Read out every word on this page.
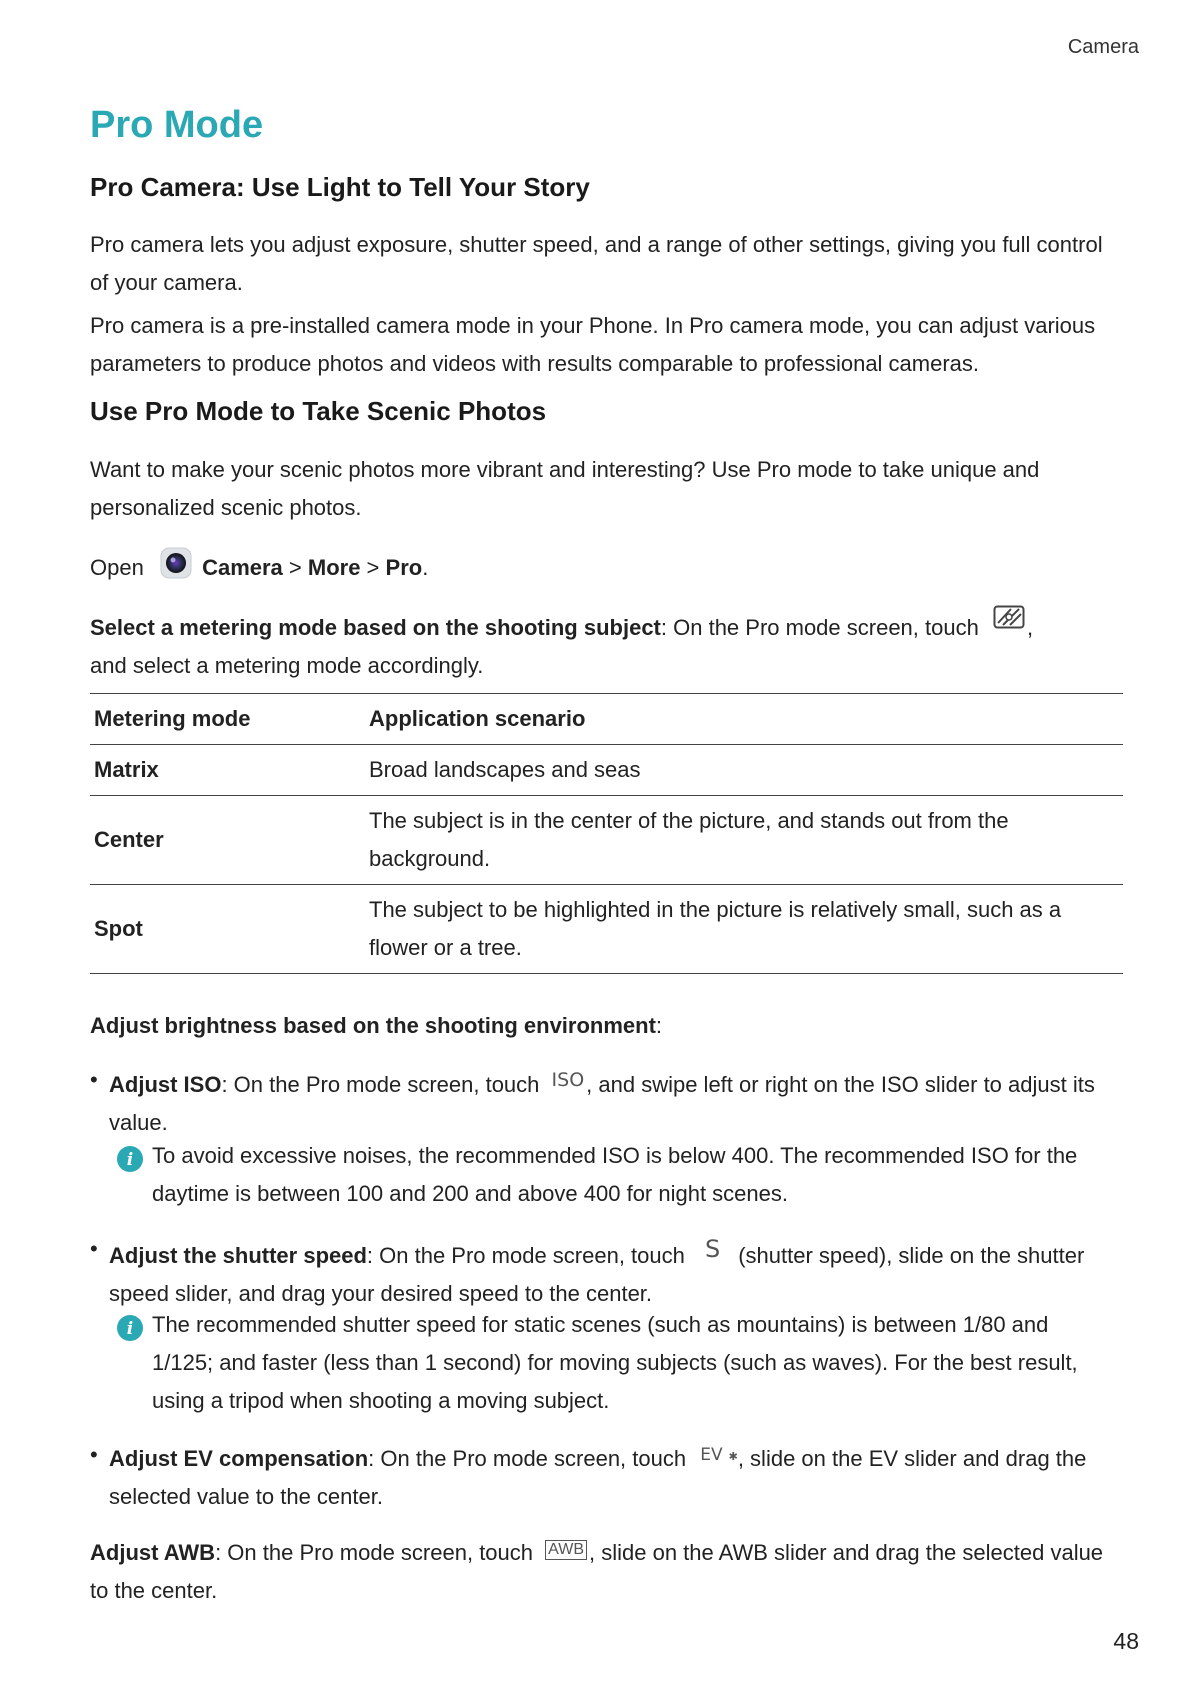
Camera
Pro Mode
Pro Camera: Use Light to Tell Your Story

Pro camera lets you adjust exposure, shutter speed, and a range of other settings, giving you full control of your camera.

Pro camera is a pre-installed camera mode in your Phone. In Pro camera mode, you can adjust various parameters to produce photos and videos with results comparable to professional cameras.

Use Pro Mode to Take Scenic Photos

Want to make your scenic photos more vibrant and interesting? Use Pro mode to take unique and personalized scenic photos.

Open	Camera > More > Pro.

Select a metering mode based on the shooting subject: On the Pro mode screen, touch ,
and select a metering mode accordingly.

Metering mode	Application scenario
Matrix	Broad landscapes and seas
Center	The subject is in the center of the picture, and stands out from the background.
Spot	The subject to be highlighted in the picture is relatively small, such as a flower or a tree.

Adjust brightness based on the shooting environment:

• Adjust ISO: On the Pro mode screen, touch ISO, and swipe left or right on the ISO slider to adjust its value.
i To avoid excessive noises, the recommended ISO is below 400. The recommended ISO for the daytime is between 100 and 200 and above 400 for night scenes.
• Adjust the shutter speed: On the Pro mode screen, touch S (shutter speed), slide on the shutter speed slider, and drag your desired speed to the center.
i The recommended shutter speed for static scenes (such as mountains) is between 1/80 and 1/125; and faster (less than 1 second) for moving subjects (such as waves). For the best result, using a tripod when shooting a moving subject.
• Adjust EV compensation: On the Pro mode screen, touch $^{EV ✱}$, slide on the EV slider and drag the selected value to the center.

Adjust AWB: On the Pro mode screen, touch AWB , slide on the AWB slider and drag the selected value to the center.

48
